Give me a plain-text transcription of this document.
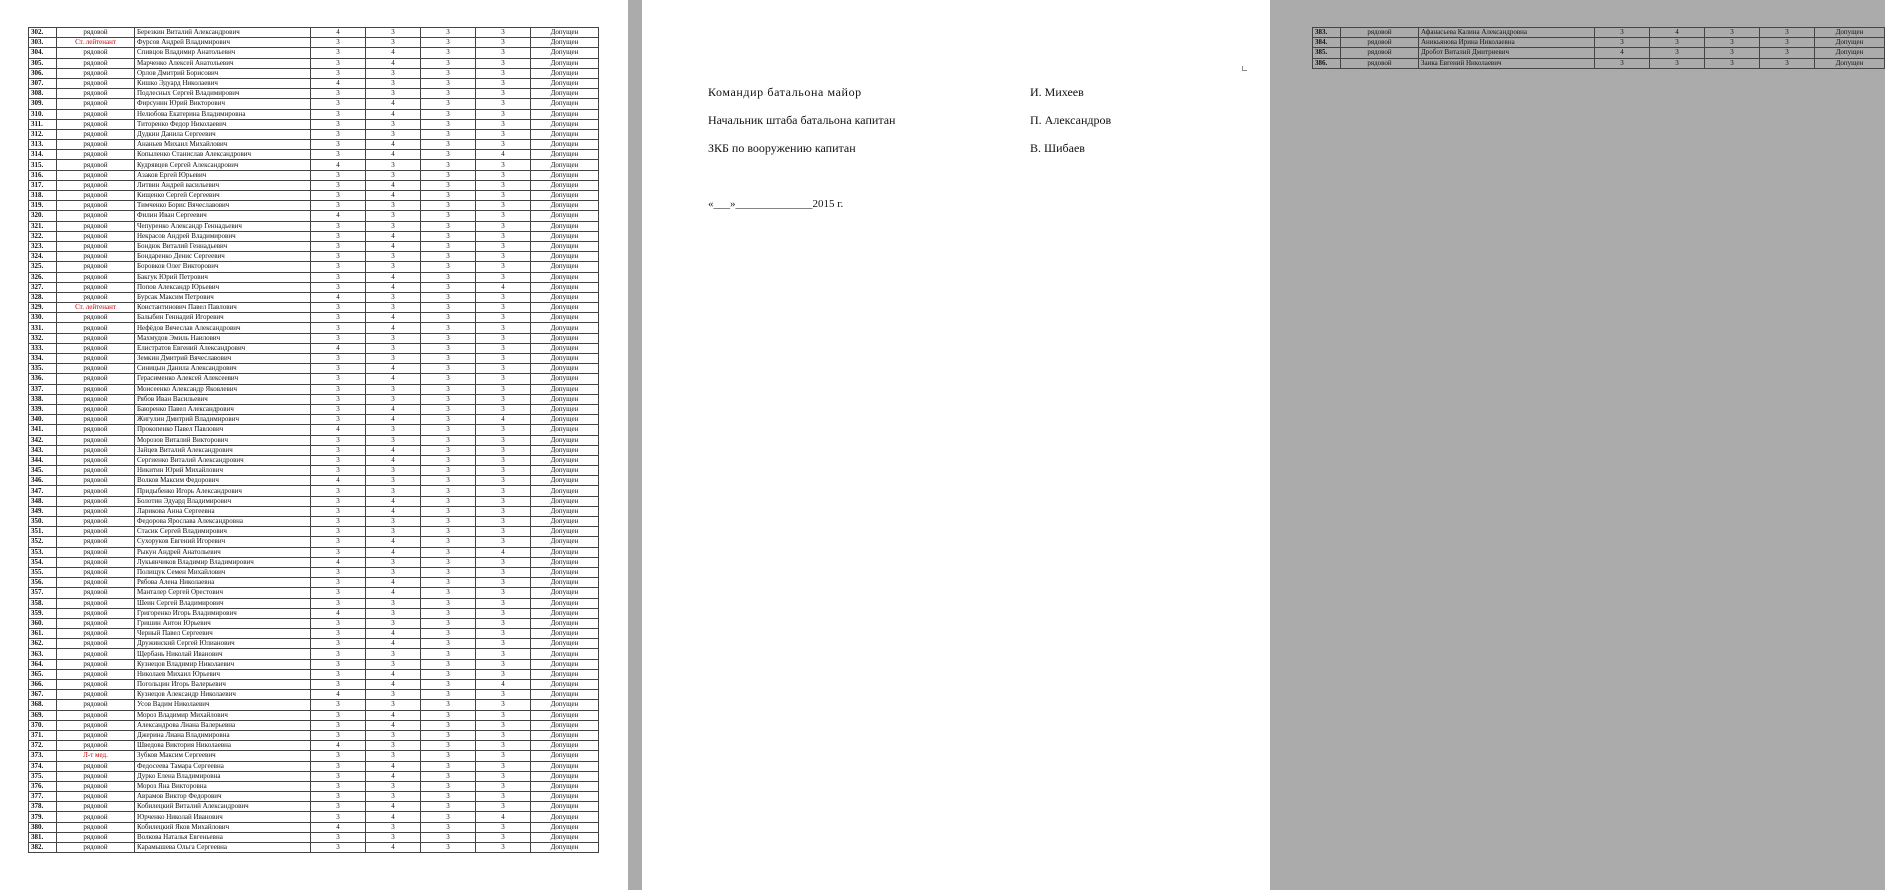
302.	рядовой	Березкин Виталий Александрович	4	3	3	3	Допущен
303.	Ст. лейтенант	Фурсов Андрей Владимирович	3	3	3	3	Допущен
304.	рядовой	Спивцов Владимир Анатольевич	3	4	3	3	Допущен
305.	рядовой	Марченко Алексей Анатольевич	3	4	3	3	Допущен
306.	рядовой	Орлов Дмитрий Борисович	3	3	3	3	Допущен
307.	рядовой	Кишко Эдуард Николаевич	4	3	3	3	Допущен
308.	рядовой	Подлесных Сергей Владимирович	3	3	3	3	Допущен
309.	рядовой	Фирсунин Юрий Викторович	3	4	3	3	Допущен
310.	рядовой	Нелюбова Екатерина Владимировна	3	4	3	3	Допущен
311.	рядовой	Титоренко Федор Николаевич	3	3	3	3	Допущен
312.	рядовой	Дудкин Данила Сергеевич	3	3	3	3	Допущен
313.	рядовой	Ананьев Михаил Михайлович	3	4	3	3	Допущен
314.	рядовой	Копыленко Станислав Александрович	3	4	3	4	Допущен
315.	рядовой	Кудрявцев Сергей Александрович	4	3	3	3	Допущен
316.	рядовой	Азаков Ергей Юрьевич	3	3	3	3	Допущен
317.	рядовой	Литвин Андрей васильевич	3	4	3	3	Допущен
318.	рядовой	Кищенко Сергей Сергеевич	3	4	3	3	Допущен
319.	рядовой	Тимченко Борис Вячеславович	3	3	3	3	Допущен
320.	рядовой	Филин Иван Сергеевич	4	3	3	3	Допущен
321.	рядовой	Чепуренко Александр Геннадьевич	3	3	3	3	Допущен
322.	рядовой	Некрасов Андрей Владимирович	3	4	3	3	Допущен
323.	рядовой	Бондюк Виталий Геннадьевич	3	4	3	3	Допущен
324.	рядовой	Бондаренко Денис Сергеевич	3	3	3	3	Допущен
325.	рядовой	Боровков Олег Викторович	3	3	3	3	Допущен
326.	рядовой	Бакгук Юрий Петрович	3	4	3	3	Допущен
327.	рядовой	Попов Александр Юрьевич	3	4	3	4	Допущен
328.	рядовой	Бурсак Максим Петрович	4	3	3	3	Допущен
329.	Ст. лейтенант	Константинович Павел Павлович	3	3	3	3	Допущен
330.	рядовой	Балыбин Геннадий Игоревич	3	4	3	3	Допущен
331.	рядовой	Нефёдов Вячеслав Александрович	3	4	3	3	Допущен
332.	рядовой	Махмудов Эмиль Наилович	3	3	3	3	Допущен
333.	рядовой	Елистратов Евгений Александрович	4	3	3	3	Допущен
334.	рядовой	Земкин Дмитрий Вячеславович	3	3	3	3	Допущен
335.	рядовой	Синицын Данила Александрович	3	4	3	3	Допущен
336.	рядовой	Герасименко Алексей Алексеевич	3	4	3	3	Допущен
337.	рядовой	Моисеенко Александр Яковлевич	3	3	3	3	Допущен
338.	рядовой	Рябов Иван Васильевич	3	3	3	3	Допущен
339.	рядовой	Баюренко Павел Александрович	3	4	3	3	Допущен
340.	рядовой	Жигулин Дмитрий Владимирович	3	4	3	4	Допущен
341.	рядовой	Прокопенко Павел Павлович	4	3	3	3	Допущен
342.	рядовой	Морозов Виталий Викторович	3	3	3	3	Допущен
343.	рядовой	Зайцев Виталий Александрович	3	4	3	3	Допущен
344.	рядовой	Сергиенко Виталий Александрович	3	4	3	3	Допущен
345.	рядовой	Никитин Юрий Михайлович	3	3	3	3	Допущен
346.	рядовой	Волков Максим Федорович	4	3	3	3	Допущен
347.	рядовой	Придыбенко Игорь Александрович	3	3	3	3	Допущен
348.	рядовой	Болотин Эдуард Владимирович	3	4	3	3	Допущен
349.	рядовой	Ларикова Анна Сергеевна	3	4	3	3	Допущен
350.	рядовой	Федорова Ярослава Александровна	3	3	3	3	Допущен
351.	рядовой	Стасик Сергей Владимирович	3	3	3	3	Допущен
352.	рядовой	Сухоруков Евгений Игоревич	3	4	3	3	Допущен
353.	рядовой	Рыкун Андрей Анатольевич	3	4	3	4	Допущен
354.	рядовой	Лукьянчиков Владимир Владимирович	4	3	3	3	Допущен
355.	рядовой	Полищук Семен Михайлович	3	3	3	3	Допущен
356.	рядовой	Рябова Алена Николаевна	3	4	3	3	Допущен
357.	рядовой	Манталер Сергей Орестович	3	4	3	3	Допущен
358.	рядовой	Шеин Сергей Владимирович	3	3	3	3	Допущен
359.	рядовой	Григоренко Игорь Владимирович	4	3	3	3	Допущен
360.	рядовой	Гришин Антон Юрьевич	3	3	3	3	Допущен
361.	рядовой	Черный Павел Сергеевич	3	4	3	3	Допущен
362.	рядовой	Дружинский Сергей Юлианович	3	4	3	3	Допущен
363.	рядовой	Щербань Николай Иванович	3	3	3	3	Допущен
364.	рядовой	Кузнецов Владимир Николаевич	3	3	3	3	Допущен
365.	рядовой	Николаев Михаил Юрьевич	3	4	3	3	Допущен
366.	рядовой	Погольцин Игорь Валерьевич	3	4	3	4	Допущен
367.	рядовой	Кузнецов Александр Николаевич	4	3	3	3	Допущен
368.	рядовой	Усов Вадим Николаевич	3	3	3	3	Допущен
369.	рядовой	Мороз Владимир Михайлович	3	4	3	3	Допущен
370.	рядовой	Александрова Лиана Валерьевна	3	4	3	3	Допущен
371.	рядовой	Джерина Лиана Владимировна	3	3	3	3	Допущен
372.	рядовой	Шведова Виктория Николаевна	4	3	3	3	Допущен
373.	Л-т мед.	Зубков Максим Сергеевич	3	3	3	3	Допущен
374.	рядовой	Федосеева Тамара Сергеевна	3	4	3	3	Допущен
375.	рядовой	Дурко Елена Владимировна	3	4	3	3	Допущен
376.	рядовой	Мороз Яна Викторовна	3	3	3	3	Допущен
377.	рядовой	Аврамов Виктор Федорович	3	3	3	3	Допущен
378.	рядовой	Кобилецкий Виталий Александрович	3	4	3	3	Допущен
379.	рядовой	Юрченко Николай Иванович	3	4	3	4	Допущен
380.	рядовой	Кобилецкий Яков Михайлович	4	3	3	3	Допущен
381.	рядовой	Волкова Наталья Евгеньевна	3	3	3	3	Допущен
382.	рядовой	Карамышева Ольга Сергеевна	3	4	3	3	Допущен
383.	рядовой	Афанасьева Калина Александровна	3	4	3	3	Допущен
384.	рядовой	Аникьянова Ирина Николаевна	3	3	3	3	Допущен
385.	рядовой	Дробот Виталий Дмитриевич	4	3	3	3	Допущен
386.	рядовой	Заика Евгений Николаевич	3	3	3	3	Допущен
Командир батальона майор	И. Михеев
Начальник штаба батальона капитан	П. Александров
ЗКБ по вооружению капитан	В. Шибаев
«___»______________2015 г.
